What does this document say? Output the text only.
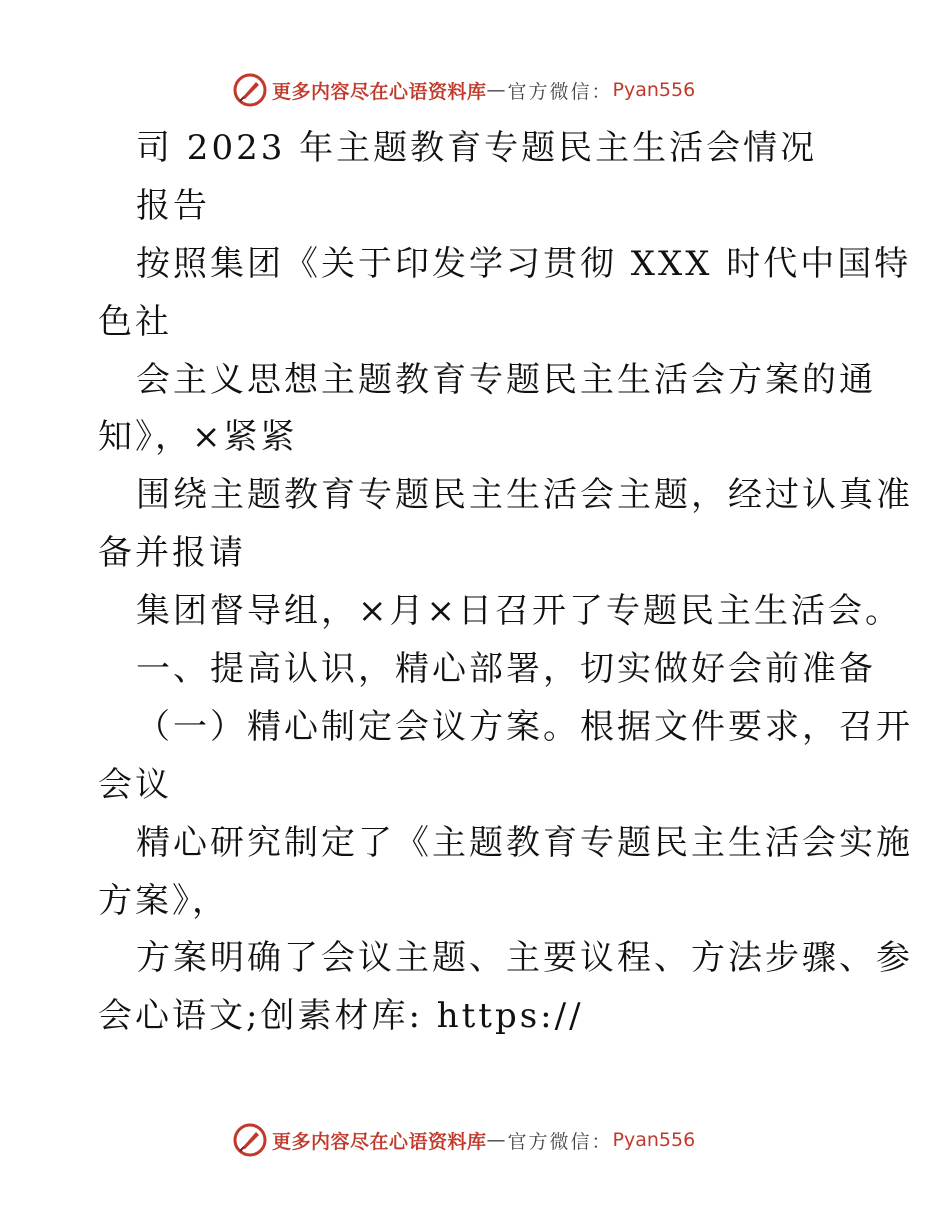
更多内容尽在心语资料库 — 官方微信： Pyan556
司 2023 年主题教育专题民主生活会情况
报告
按照集团《关于印发学习贯彻 XXX 时代中国特
色社
会主义思想主题教育专题民主生活会方案的通
知》，×紧紧
围绕主题教育专题民主生活会主题，经过认真准
备并报请
集团督导组，×月×日召开了专题民主生活会。
一、提高认识，精心部署，切实做好会前准备
（一）精心制定会议方案。根据文件要求，召开
会议
精心研究制定了《主题教育专题民主生活会实施
方案》，
方案明确了会议主题、主要议程、方法步骤、参
会心语文;创素材库: https://
更多内容尽在心语资料库 — 官方微信： Pyan556
